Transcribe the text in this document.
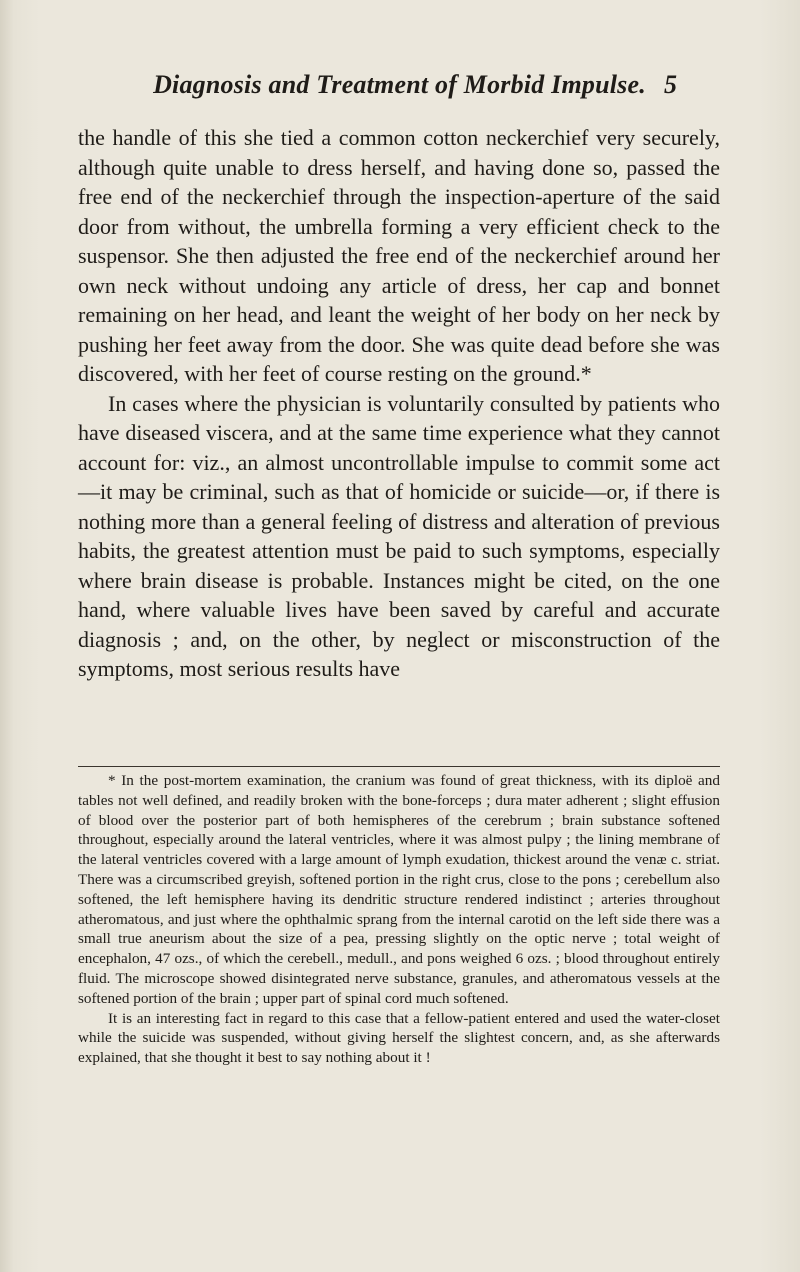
Diagnosis and Treatment of Morbid Impulse. 5

the handle of this she tied a common cotton neckerchief very securely, although quite unable to dress herself, and having done so, passed the free end of the neckerchief through the inspection-aperture of the said door from without, the umbrella forming a very efficient check to the suspensor. She then adjusted the free end of the neckerchief around her own neck without undoing any article of dress, her cap and bonnet remaining on her head, and leant the weight of her body on her neck by pushing her feet away from the door. She was quite dead before she was discovered, with her feet of course resting on the ground.*

In cases where the physician is voluntarily consulted by patients who have diseased viscera, and at the same time experience what they cannot account for: viz., an almost uncontrollable impulse to commit some act—it may be criminal, such as that of homicide or suicide—or, if there is nothing more than a general feeling of distress and alteration of previous habits, the greatest attention must be paid to such symptoms, especially where brain disease is probable. Instances might be cited, on the one hand, where valuable lives have been saved by careful and accurate diagnosis ; and, on the other, by neglect or misconstruction of the symptoms, most serious results have

* In the post-mortem examination, the cranium was found of great thickness, with its diploë and tables not well defined, and readily broken with the bone-forceps ; dura mater adherent ; slight effusion of blood over the posterior part of both hemispheres of the cerebrum ; brain substance softened throughout, especially around the lateral ventricles, where it was almost pulpy ; the lining membrane of the lateral ventricles covered with a large amount of lymph exudation, thickest around the venæ c. striat. There was a circumscribed greyish, softened portion in the right crus, close to the pons ; cerebellum also softened, the left hemisphere having its dendritic structure rendered indistinct ; arteries throughout atheromatous, and just where the ophthalmic sprang from the internal carotid on the left side there was a small true aneurism about the size of a pea, pressing slightly on the optic nerve ; total weight of encephalon, 47 ozs., of which the cerebell., medull., and pons weighed 6 ozs. ; blood throughout entirely fluid. The microscope showed disintegrated nerve substance, granules, and atheromatous vessels at the softened portion of the brain ; upper part of spinal cord much softened.

It is an interesting fact in regard to this case that a fellow-patient entered and used the water-closet while the suicide was suspended, without giving herself the slightest concern, and, as she afterwards explained, that she thought it best to say nothing about it !
